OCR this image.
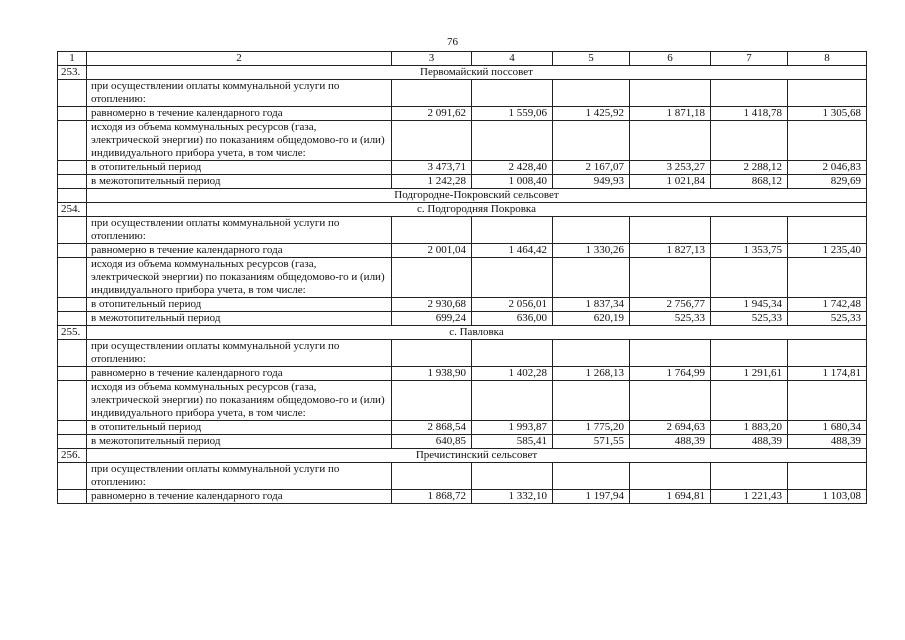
76
1	2	3	4	5	6	7	8
253.	Первомайский поссовет						
	при осуществлении оплаты коммунальной услуги по отоплению:						
	равномерно в течение календарного года	2 091,62	1 559,06	1 425,92	1 871,18	1 418,78	1 305,68
	исходя из объема коммунальных ресурсов (газа, электрической энергии) по показаниям общедомово-го и (или) индивидуального прибора учета, в том числе:						
	в отопительный период	3 473,71	2 428,40	2 167,07	3 253,27	2 288,12	2 046,83
	в межотопительный период	1 242,28	1 008,40	949,93	1 021,84	868,12	829,69
	Подгородне-Покровский сельсовет						
254.	с. Подгородняя Покровка						
	при осуществлении оплаты коммунальной услуги по отоплению:						
	равномерно в течение календарного года	2 001,04	1 464,42	1 330,26	1 827,13	1 353,75	1 235,40
	исходя из объема коммунальных ресурсов (газа, электрической энергии) по показаниям общедомово-го и (или) индивидуального прибора учета, в том числе:						
	в отопительный период	2 930,68	2 056,01	1 837,34	2 756,77	1 945,34	1 742,48
	в межотопительный период	699,24	636,00	620,19	525,33	525,33	525,33
255.	с. Павловка						
	при осуществлении оплаты коммунальной услуги по отоплению:						
	равномерно в течение календарного года	1 938,90	1 402,28	1 268,13	1 764,99	1 291,61	1 174,81
	исходя из объема коммунальных ресурсов (газа, электрической энергии) по показаниям общедомово-го и (или) индивидуального прибора учета, в том числе:						
	в отопительный период	2 868,54	1 993,87	1 775,20	2 694,63	1 883,20	1 680,34
	в межотопительный период	640,85	585,41	571,55	488,39	488,39	488,39
256.	Пречистинский сельсовет						
	при осуществлении оплаты коммунальной услуги по отоплению:						
	равномерно в течение календарного года	1 868,72	1 332,10	1 197,94	1 694,81	1 221,43	1 103,08
